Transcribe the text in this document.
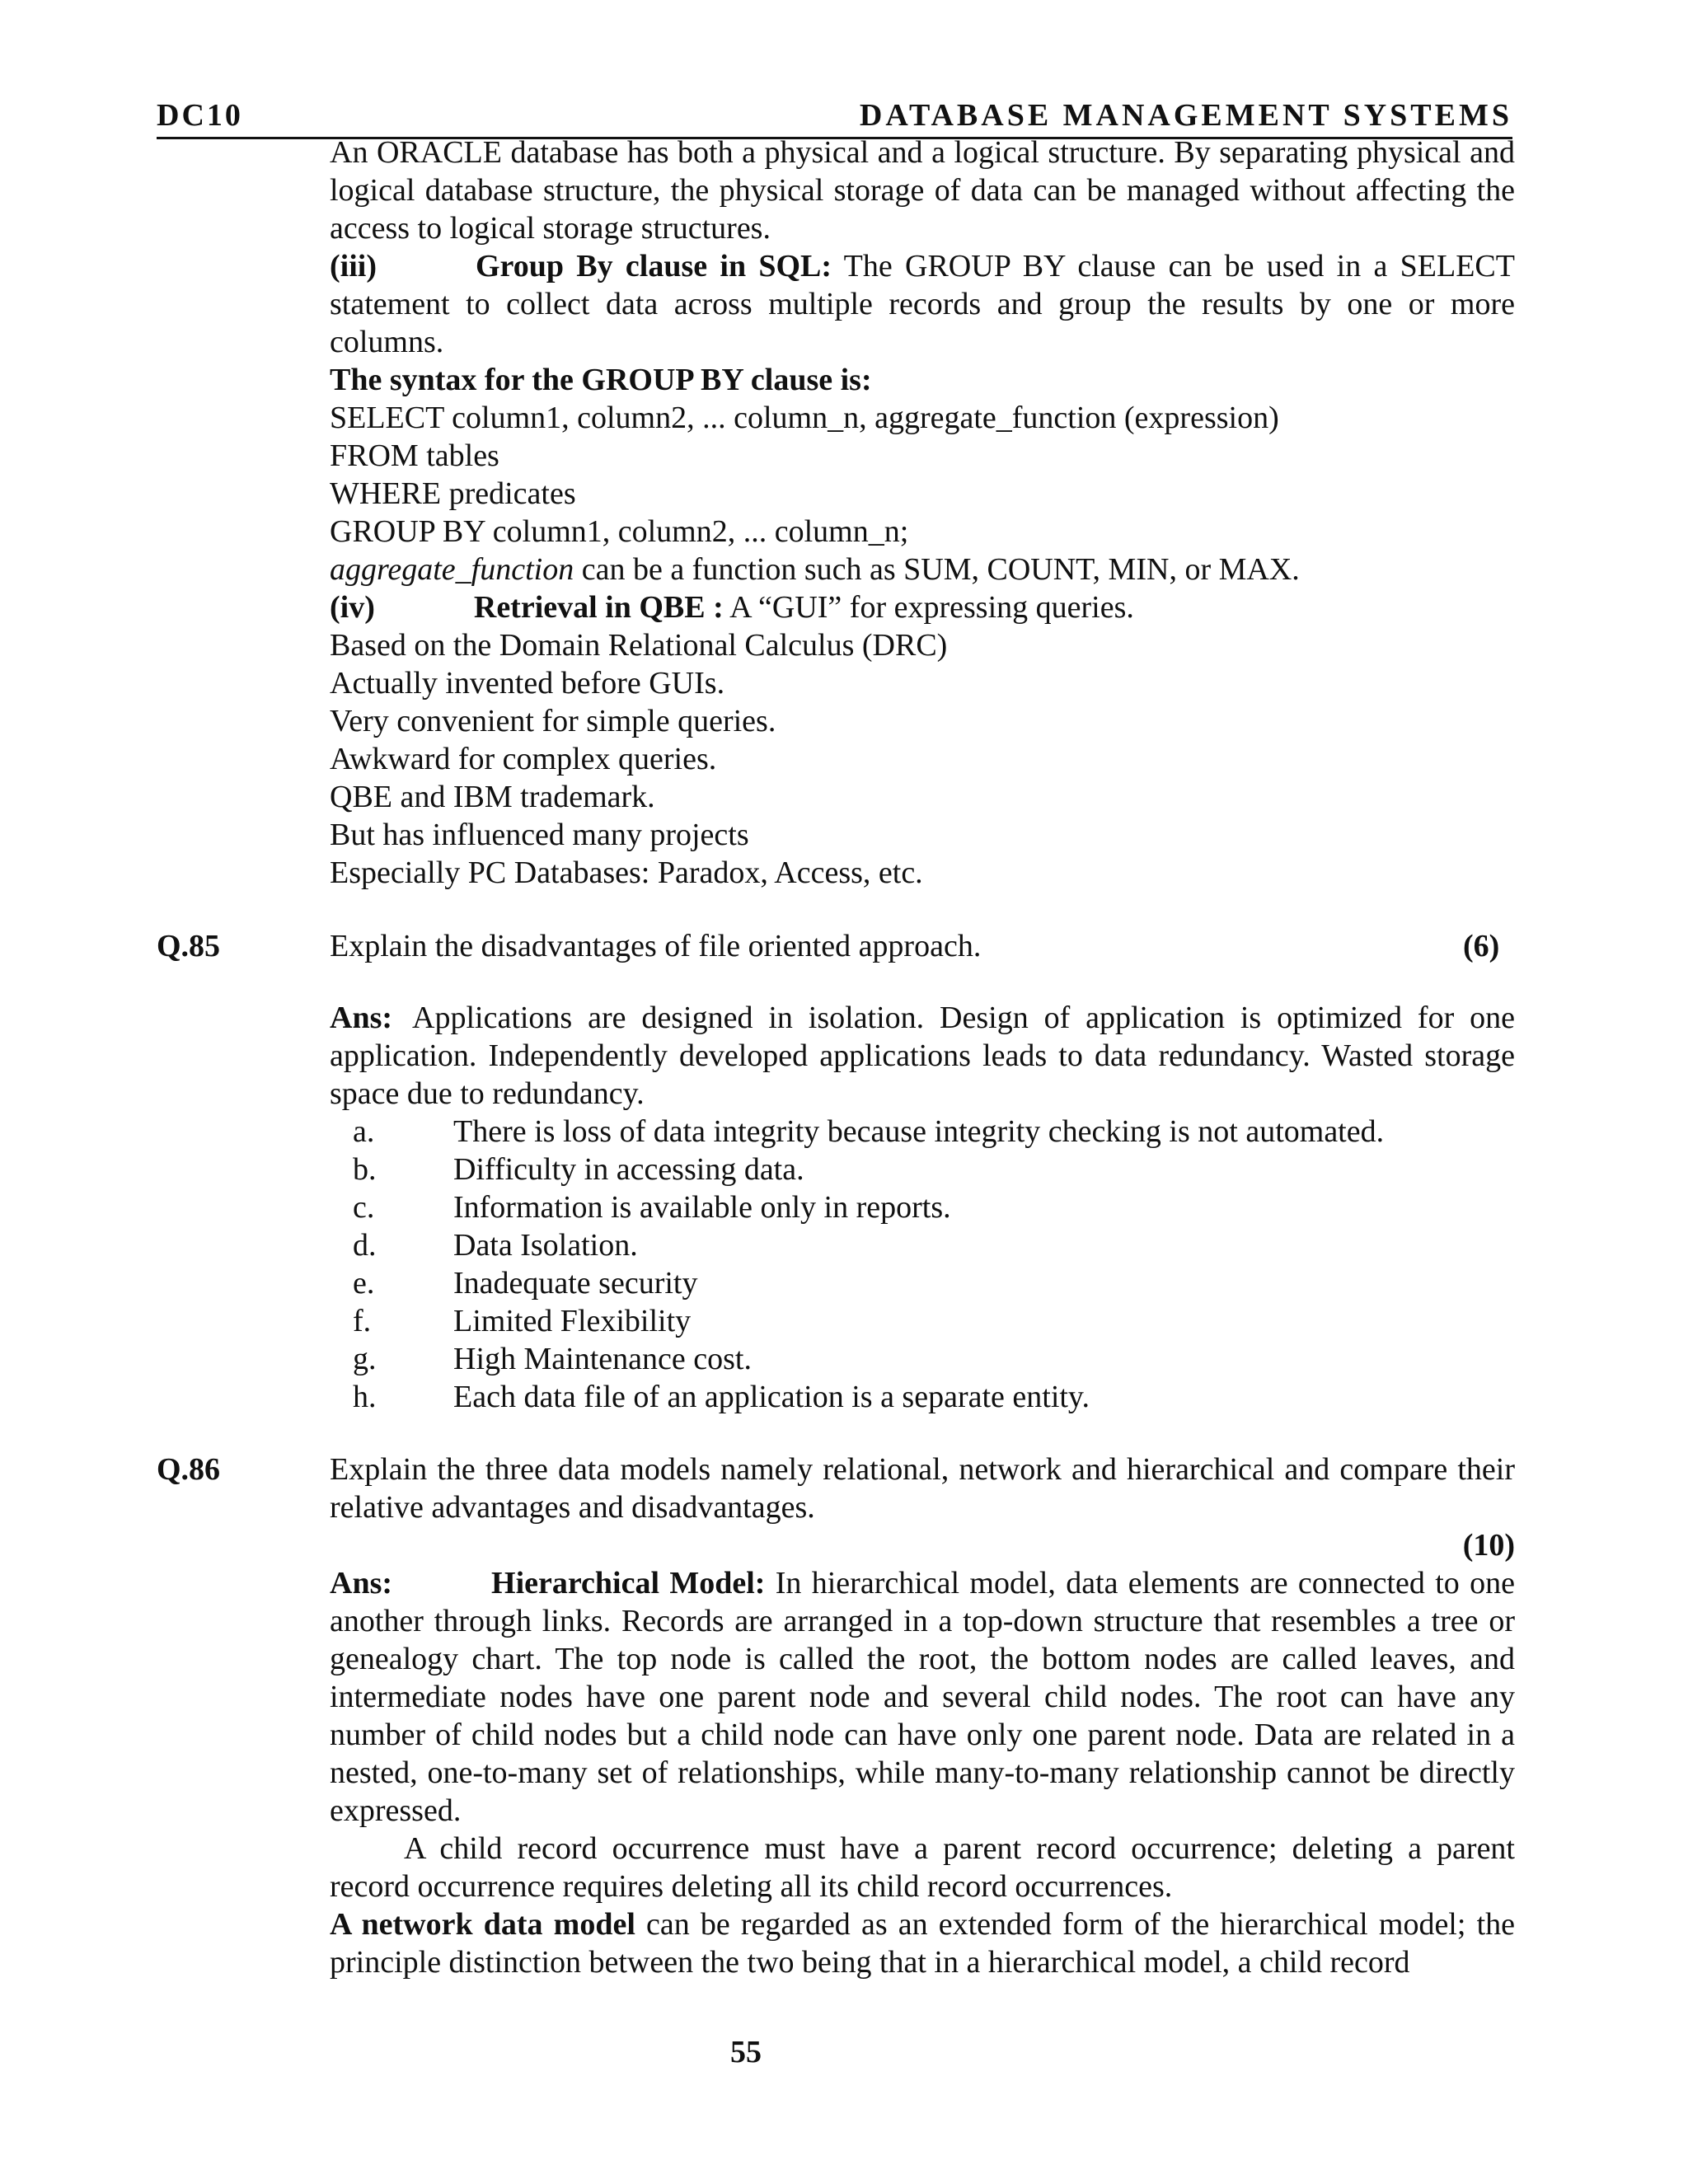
DC10	DATABASE MANAGEMENT SYSTEMS

An ORACLE database has both a physical and a logical structure. By separating physical and logical database structure, the physical storage of data can be managed without affecting the access to logical storage structures.

(iii)	Group By clause in SQL: The GROUP BY clause can be used in a SELECT statement to collect data across multiple records and group the results by one or more columns.

The syntax for the GROUP BY clause is:

SELECT column1, column2, ... column_n, aggregate_function (expression)

FROM tables

WHERE predicates

GROUP BY column1, column2, ... column_n;

aggregate_function can be a function such as SUM, COUNT, MIN, or MAX.

(iv)	Retrieval in QBE : A “GUI” for expressing queries.

Based on the Domain Relational Calculus (DRC)

Actually invented before GUIs.

Very convenient for simple queries.

Awkward for complex queries.

QBE and IBM trademark.

But has influenced many projects

Especially PC Databases: Paradox, Access, etc.

Q.85	Explain the disadvantages of file oriented approach.	(6)

Ans: Applications are designed in isolation. Design of application is optimized for one application. Independently developed applications leads to data redundancy. Wasted storage space due to redundancy.

a.	There is loss of data integrity because integrity checking is not automated.
b. Difficulty in accessing data.
c.	Information is available only in reports.
d. Data Isolation.
e.	Inadequate security
f.	Limited Flexibility
g. High Maintenance cost.
h. Each data file of an application is a separate entity.
Q.86	Explain the three data models namely relational, network and hierarchical and compare their relative advantages and disadvantages.

(10)

Ans:	Hierarchical Model: In hierarchical model, data elements are connected to one another through links. Records are arranged in a top-down structure that resembles a tree or genealogy chart. The top node is called the root, the bottom nodes are called leaves, and intermediate nodes have one parent node and several child nodes. The root can have any number of child nodes but a child node can have only one parent node. Data are related in a nested, one-to-many set of relationships, while many-to-many relationship cannot be directly expressed.

A child record occurrence must have a parent record occurrence; deleting a parent record occurrence requires deleting all its child record occurrences.

A network data model can be regarded as an extended form of the hierarchical model; the principle distinction between the two being that in a hierarchical model, a child record

55
